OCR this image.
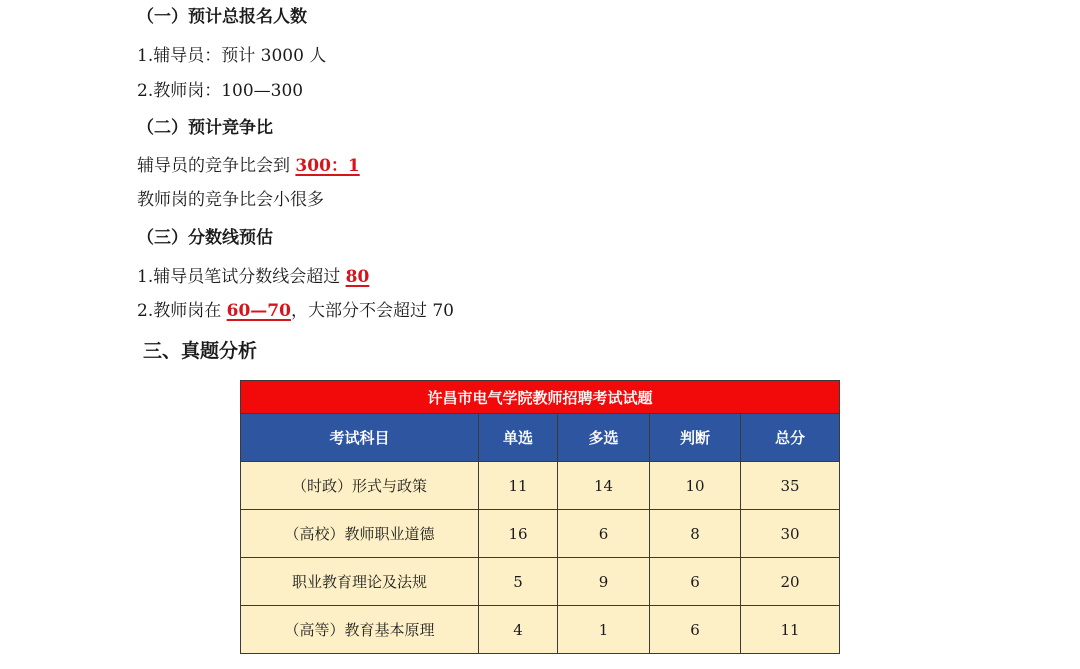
（一）预计总报名人数
1.辅导员：预计 3000 人
2.教师岗：100—300
（二）预计竞争比
辅导员的竞争比会到 300：1
教师岗的竞争比会小很多
（三）分数线预估
1.辅导员笔试分数线会超过 80
2.教师岗在 60—70，大部分不会超过 70
三、真题分析
许昌市电气学院教师招聘考试试题				
考试科目	单选	多选	判断	总分
（时政）形式与政策	11	14	10	35
（高校）教师职业道德	16	6	8	30
职业教育理论及法规	5	9	6	20
（高等）教育基本原理	4	1	6	11
